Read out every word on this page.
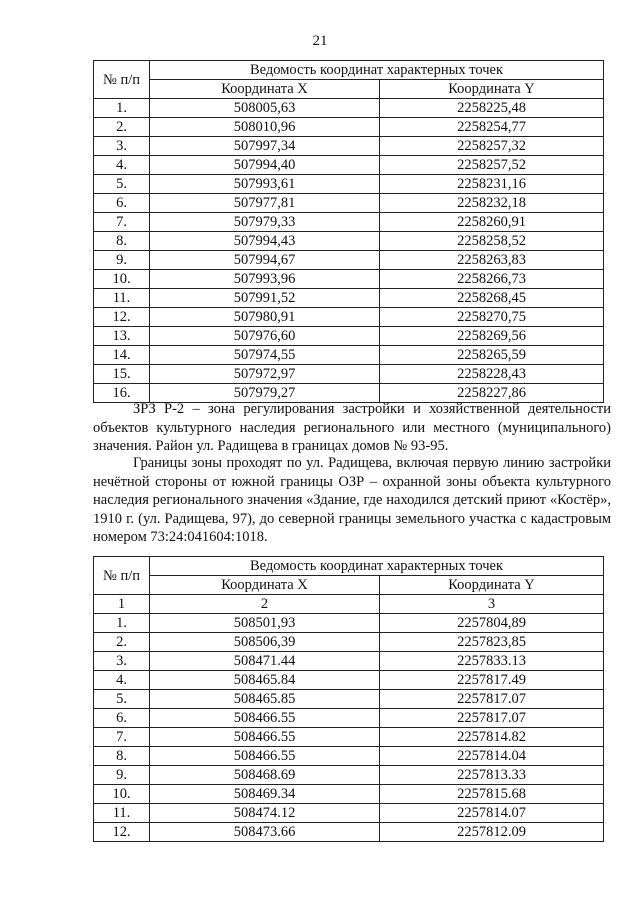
21
№ п/п	Ведомость координат характерных точек	
	Координата X	Координата Y
1.	508005,63	2258225,48
2.	508010,96	2258254,77
3.	507997,34	2258257,32
4.	507994,40	2258257,52
5.	507993,61	2258231,16
6.	507977,81	2258232,18
7.	507979,33	2258260,91
8.	507994,43	2258258,52
9.	507994,67	2258263,83
10.	507993,96	2258266,73
11.	507991,52	2258268,45
12.	507980,91	2258270,75
13.	507976,60	2258269,56
14.	507974,55	2258265,59
15.	507972,97	2258228,43
16.	507979,27	2258227,86

ЗРЗ Р-2 – зона регулирования застройки и хозяйственной деятельности объектов культурного наследия регионального или местного (муниципального) значения. Район ул. Радищева в границах домов № 93-95.

Границы зоны проходят по ул. Радищева, включая первую линию застройки нечётной стороны от южной границы ОЗР – охранной зоны объекта культурного наследия регионального значения «Здание, где находился детский приют «Костёр», 1910 г. (ул. Радищева, 97), до северной границы земельного участка с кадастровым номером 73:24:041604:1018.

№ п/п	Ведомость координат характерных точек	
	Координата X	Координата Y
1	2	3
1.	508501,93	2257804,89
2.	508506,39	2257823,85
3.	508471.44	2257833.13
4.	508465.84	2257817.49
5.	508465.85	2257817.07
6.	508466.55	2257817.07
7.	508466.55	2257814.82
8.	508466.55	2257814.04
9.	508468.69	2257813.33
10.	508469.34	2257815.68
11.	508474.12	2257814.07
12.	508473.66	2257812.09
